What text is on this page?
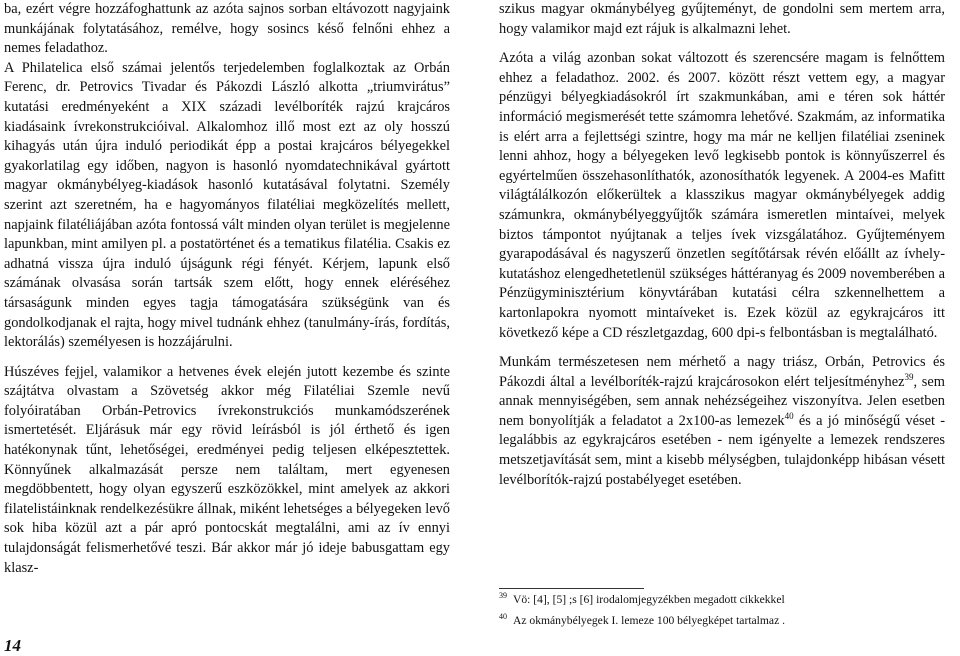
ba, ezért végre hozzáfoghattunk az azóta sajnos sorban eltávozott nagyjaink munkájának folytatásához, remélve, hogy sosincs késő felnőni ehhez a nemes feladathoz.

A Philatelica első számai jelentős terjedelemben foglalkoztak az Orbán Ferenc, dr. Petrovics Tivadar és Pákozdi László alkotta „triumvirátus” kutatási eredményeként a XIX századi levélboríték rajzú krajcáros kiadásaink ívrekonstrukcióival. Alkalomhoz illő most ezt az oly hosszú kihagyás után újra induló periodikát épp a postai krajcáros bélyegekkel gyakorlatilag egy időben, nagyon is hasonló nyomdatechnikával gyártott magyar okmánybélyeg-kiadások hasonló kutatásával folytatni. Személy szerint azt szeretném, ha e hagyományos filatéliai megközelítés mellett, napjaink filatéliájában azóta fontossá vált minden olyan terület is megjelenne lapunkban, mint amilyen pl. a postatörténet és a tematikus filatélia. Csakis ez adhatná vissza újra induló újságunk régi fényét. Kérjem, lapunk első számának olvasása során tartsák szem előtt, hogy ennek eléréséhez társaságunk minden egyes tagja támogatására szükségünk van és gondolkodjanak el rajta, hogy mivel tudnánk ehhez (tanulmány-írás, fordítás, lektorálás) személyesen is hozzájárulni.

Húszéves fejjel, valamikor a hetvenes évek elején jutott kezembe és szinte szájtátva olvastam a Szövetség akkor még Filatéliai Szemle nevű folyóiratában Orbán-Petrovics ívrekonstrukciós munkamódszerének ismertetését. Eljárásuk már egy rövid leírásból is jól érthető és igen hatékonynak tűnt, lehetőségei, eredményei pedig teljesen elképesztettek. Könnyűnek alkalmazását persze nem találtam, mert egyenesen megdöbbentett, hogy olyan egyszerű eszközökkel, mint amelyek az akkori filatelistáinknak rendelkezésükre állnak, miként lehetséges a bélyegeken levő sok hiba közül azt a pár apró pontocskát megtalálni, ami az ív ennyi tulajdonságát felismerhetővé teszi. Bár akkor már jó ideje babusgattam egy klasz-

szikus magyar okmánybélyeg gyűjteményt, de gondolni sem mertem arra, hogy valamikor majd ezt rájuk is alkalmazni lehet.

Azóta a világ azonban sokat változott és szerencsére magam is felnőttem ehhez a feladathoz. 2002. és 2007. között részt vettem egy, a magyar pénzügyi bélyegkiadásokról írt szakmunkában, ami e téren sok háttér információ megismerését tette számomra lehetővé. Szakmám, az informatika is elért arra a fejlettségi szintre, hogy ma már ne kelljen filatéliai zseninek lenni ahhoz, hogy a bélyegeken levő legkisebb pontok is könnyűszerrel és egyértelműen összehasonlíthatók, azonosíthatók legyenek. A 2004-es Mafitt világtálálkozón előkerültek a klasszikus magyar okmánybélyegek addig számunkra, okmánybélyeggyűjtők számára ismeretlen mintaívei, melyek biztos támpontot nyújtanak a teljes ívek vizsgálatához. Gyűjteményem gyarapodásával és nagyszerű önzetlen segítőtársak révén előállt az ívhely-kutatáshoz elengedhetetlenül szükséges háttéranyag és 2009 novemberében a Pénzügyminisztérium könyvtárában kutatási célra szkennelhettem a kartonlapokra nyomott mintaíveket is. Ezek közül az egykrajcáros itt következő képe a CD részletgazdag, 600 dpi-s felbontásban is megtalálható.

Munkám természetesen nem mérhető a nagy triász, Orbán, Petrovics és Pákozdi által a levélboríték-rajzú krajcárosokon elért teljesítményhez$^{39}$, sem annak mennyiségében, sem annak nehézségeihez viszonyítva. Jelen esetben nem bonyolítják a feladatot a 2x100-as lemezek$^{40}$ és a jó minőségű véset - legalábbis az egykrajcáros esetében - nem igényelte a lemezek rendszeres metszetjavítását sem, mint a kisebb mélységben, tulajdonképp hibásan vésett levélborítók-rajzú postabélyeget esetében.

$^{39}$ Vö: [4], [5] ;s [6] irodalomjegyzékben megadott cikkekkel

$^{40}$ Az okmánybélyegek I. lemeze 100 bélyegképet tartalmaz .

14
